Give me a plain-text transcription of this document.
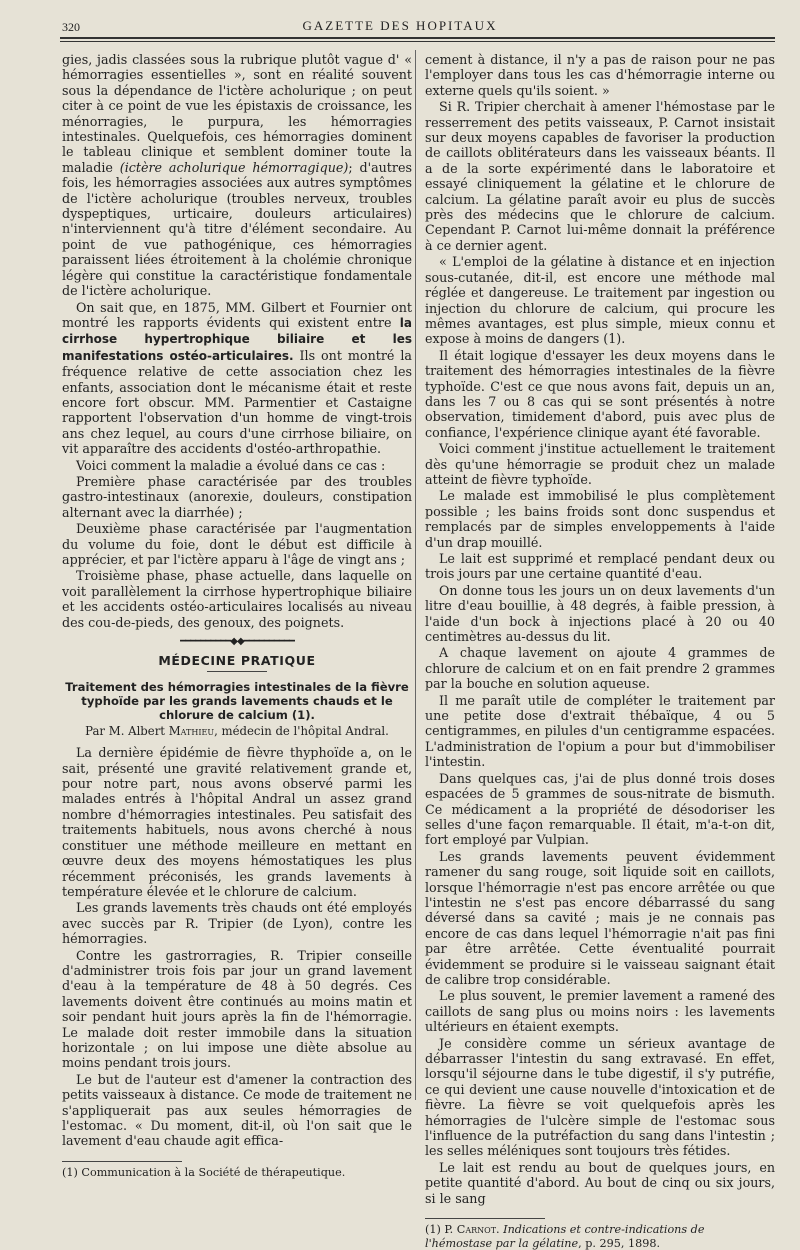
320	GAZETTE DES HOPITAUX

gies, jadis classées sous la rubrique plutôt vague d' « hémorragies essentielles », sont en réalité souvent sous la dépendance de l'ictère acholurique ; on peut citer à ce point de vue les épistaxis de croissance, les ménorragies, le purpura, les hémorragies intestinales. Quelquefois, ces hémorragies dominent le tableau clinique et semblent dominer toute la maladie (ictère acholurique hémorragique); d'autres fois, les hémorragies associées aux autres symptômes de l'ictère acholurique (troubles nerveux, troubles dyspeptiques, urticaire, douleurs articulaires) n'interviennent qu'à titre d'élément secondaire. Au point de vue pathogénique, ces hémorragies paraissent liées étroitement à la cholémie chronique légère qui constitue la caractéristique fondamentale de l'ictère acholurique.

On sait que, en 1875, MM. Gilbert et Fournier ont montré les rapports évidents qui existent entre la cirrhose hypertrophique biliaire et les manifestations ostéo-articulaires. Ils ont montré la fréquence relative de cette association chez les enfants, association dont le mécanisme était et reste encore fort obscur. MM. Parmentier et Castaigne rapportent l'observation d'un homme de vingt-trois ans chez lequel, au cours d'une cirrhose biliaire, on vit apparaître des accidents d'ostéo-arthropathie.

Voici comment la maladie a évolué dans ce cas :

Première phase caractérisée par des troubles gastro-intestinaux (anorexie, douleurs, constipation alternant avec la diarrhée) ;

Deuxième phase caractérisée par l'augmentation du volume du foie, dont le début est difficile à apprécier, et par l'ictère apparu à l'âge de vingt ans ;

Troisième phase, phase actuelle, dans laquelle on voit parallèlement la cirrhose hypertrophique biliaire et les accidents ostéo-articulaires localisés au niveau des cou-de-pieds, des genoux, des poignets.

━━━━━━━━━━◆◆━━━━━━━━━━
MÉDECINE PRATIQUE
Traitement des hémorragies intestinales de la fièvre typhoïde par les grands lavements chauds et le chlorure de calcium (1).
Par M. Albert Mathieu, médecin de l'hôpital Andral.

La dernière épidémie de fièvre thyphoïde a, on le sait, présenté une gravité relativement grande et, pour notre part, nous avons observé parmi les malades entrés à l'hôpital Andral un assez grand nombre d'hémorragies intestinales. Peu satisfait des traitements habituels, nous avons cherché à nous constituer une méthode meilleure en mettant en œuvre deux des moyens hémostatiques les plus récemment préconisés, les grands lavements à température élevée et le chlorure de calcium.

Les grands lavements très chauds ont été employés avec succès par R. Tripier (de Lyon), contre les hémorragies.

Contre les gastrorragies, R. Tripier conseille d'administrer trois fois par jour un grand lavement d'eau à la température de 48 à 50 degrés. Ces lavements doivent être continués au moins matin et soir pendant huit jours après la fin de l'hémorragie. Le malade doit rester immobile dans la situation horizontale ; on lui impose une diète absolue au moins pendant trois jours.

Le but de l'auteur est d'amener la contraction des petits vaisseaux à distance. Ce mode de traitement ne s'appliquerait pas aux seules hémorragies de l'estomac. « Du moment, dit-il, où l'on sait que le lavement d'eau chaude agit effica-

(1) Communication à la Société de thérapeutique.

cement à distance, il n'y a pas de raison pour ne pas l'employer dans tous les cas d'hémorragie interne ou externe quels qu'ils soient. »

Si R. Tripier cherchait à amener l'hémostase par le resserrement des petits vaisseaux, P. Carnot insistait sur deux moyens capables de favoriser la production de caillots oblitérateurs dans les vaisseaux béants. Il a de la sorte expérimenté dans le laboratoire et essayé cliniquement la gélatine et le chlorure de calcium. La gélatine paraît avoir eu plus de succès près des médecins que le chlorure de calcium. Cependant P. Carnot lui-même donnait la préférence à ce dernier agent.

« L'emploi de la gélatine à distance et en injection sous-cutanée, dit-il, est encore une méthode mal réglée et dangereuse. Le traitement par ingestion ou injection du chlorure de calcium, qui procure les mêmes avantages, est plus simple, mieux connu et expose à moins de dangers (1).

Il était logique d'essayer les deux moyens dans le traitement des hémorragies intestinales de la fièvre typhoïde. C'est ce que nous avons fait, depuis un an, dans les 7 ou 8 cas qui se sont présentés à notre observation, timidement d'abord, puis avec plus de confiance, l'expérience clinique ayant été favorable.

Voici comment j'institue actuellement le traitement dès qu'une hémorragie se produit chez un malade atteint de fièvre typhoïde.

Le malade est immobilisé le plus complètement possible ; les bains froids sont donc suspendus et remplacés par de simples enveloppements à l'aide d'un drap mouillé.

Le lait est supprimé et remplacé pendant deux ou trois jours par une certaine quantité d'eau.

On donne tous les jours un on deux lavements d'un litre d'eau bouillie, à 48 degrés, à faible pression, à l'aide d'un bock à injections placé à 20 ou 40 centimètres au-dessus du lit.

A chaque lavement on ajoute 4 grammes de chlorure de calcium et on en fait prendre 2 grammes par la bouche en solution aqueuse.

Il me paraît utile de compléter le traitement par une petite dose d'extrait thébaïque, 4 ou 5 centigrammes, en pilules d'un centigramme espacées. L'administration de l'opium a pour but d'immobiliser l'intestin.

Dans quelques cas, j'ai de plus donné trois doses espacées de 5 grammes de sous-nitrate de bismuth. Ce médicament a la propriété de désodoriser les selles d'une façon remarquable. Il était, m'a-t-on dit, fort employé par Vulpian.

Les grands lavements peuvent évidemment ramener du sang rouge, soit liquide soit en caillots, lorsque l'hémorragie n'est pas encore arrêtée ou que l'intestin ne s'est pas encore débarrassé du sang déversé dans sa cavité ; mais je ne connais pas encore de cas dans lequel l'hémorragie n'ait pas fini par être arrêtée. Cette éventualité pourrait évidemment se produire si le vaisseau saignant était de calibre trop considérable.

Le plus souvent, le premier lavement a ramené des caillots de sang plus ou moins noirs : les lavements ultérieurs en étaient exempts.

Je considère comme un sérieux avantage de débarrasser l'intestin du sang extravasé. En effet, lorsqu'il séjourne dans le tube digestif, il s'y putréfie, ce qui devient une cause nouvelle d'intoxication et de fièvre. La fièvre se voit quelquefois après les hémorragies de l'ulcère simple de l'estomac sous l'influence de la putréfaction du sang dans l'intestin ; les selles méléniques sont toujours très fétides.

Le lait est rendu au bout de quelques jours, en petite quantité d'abord. Au bout de cinq ou six jours, si le sang

(1) P. Carnot. Indications et contre-indications de l'hémostase par la gélatine, p. 295, 1898.
